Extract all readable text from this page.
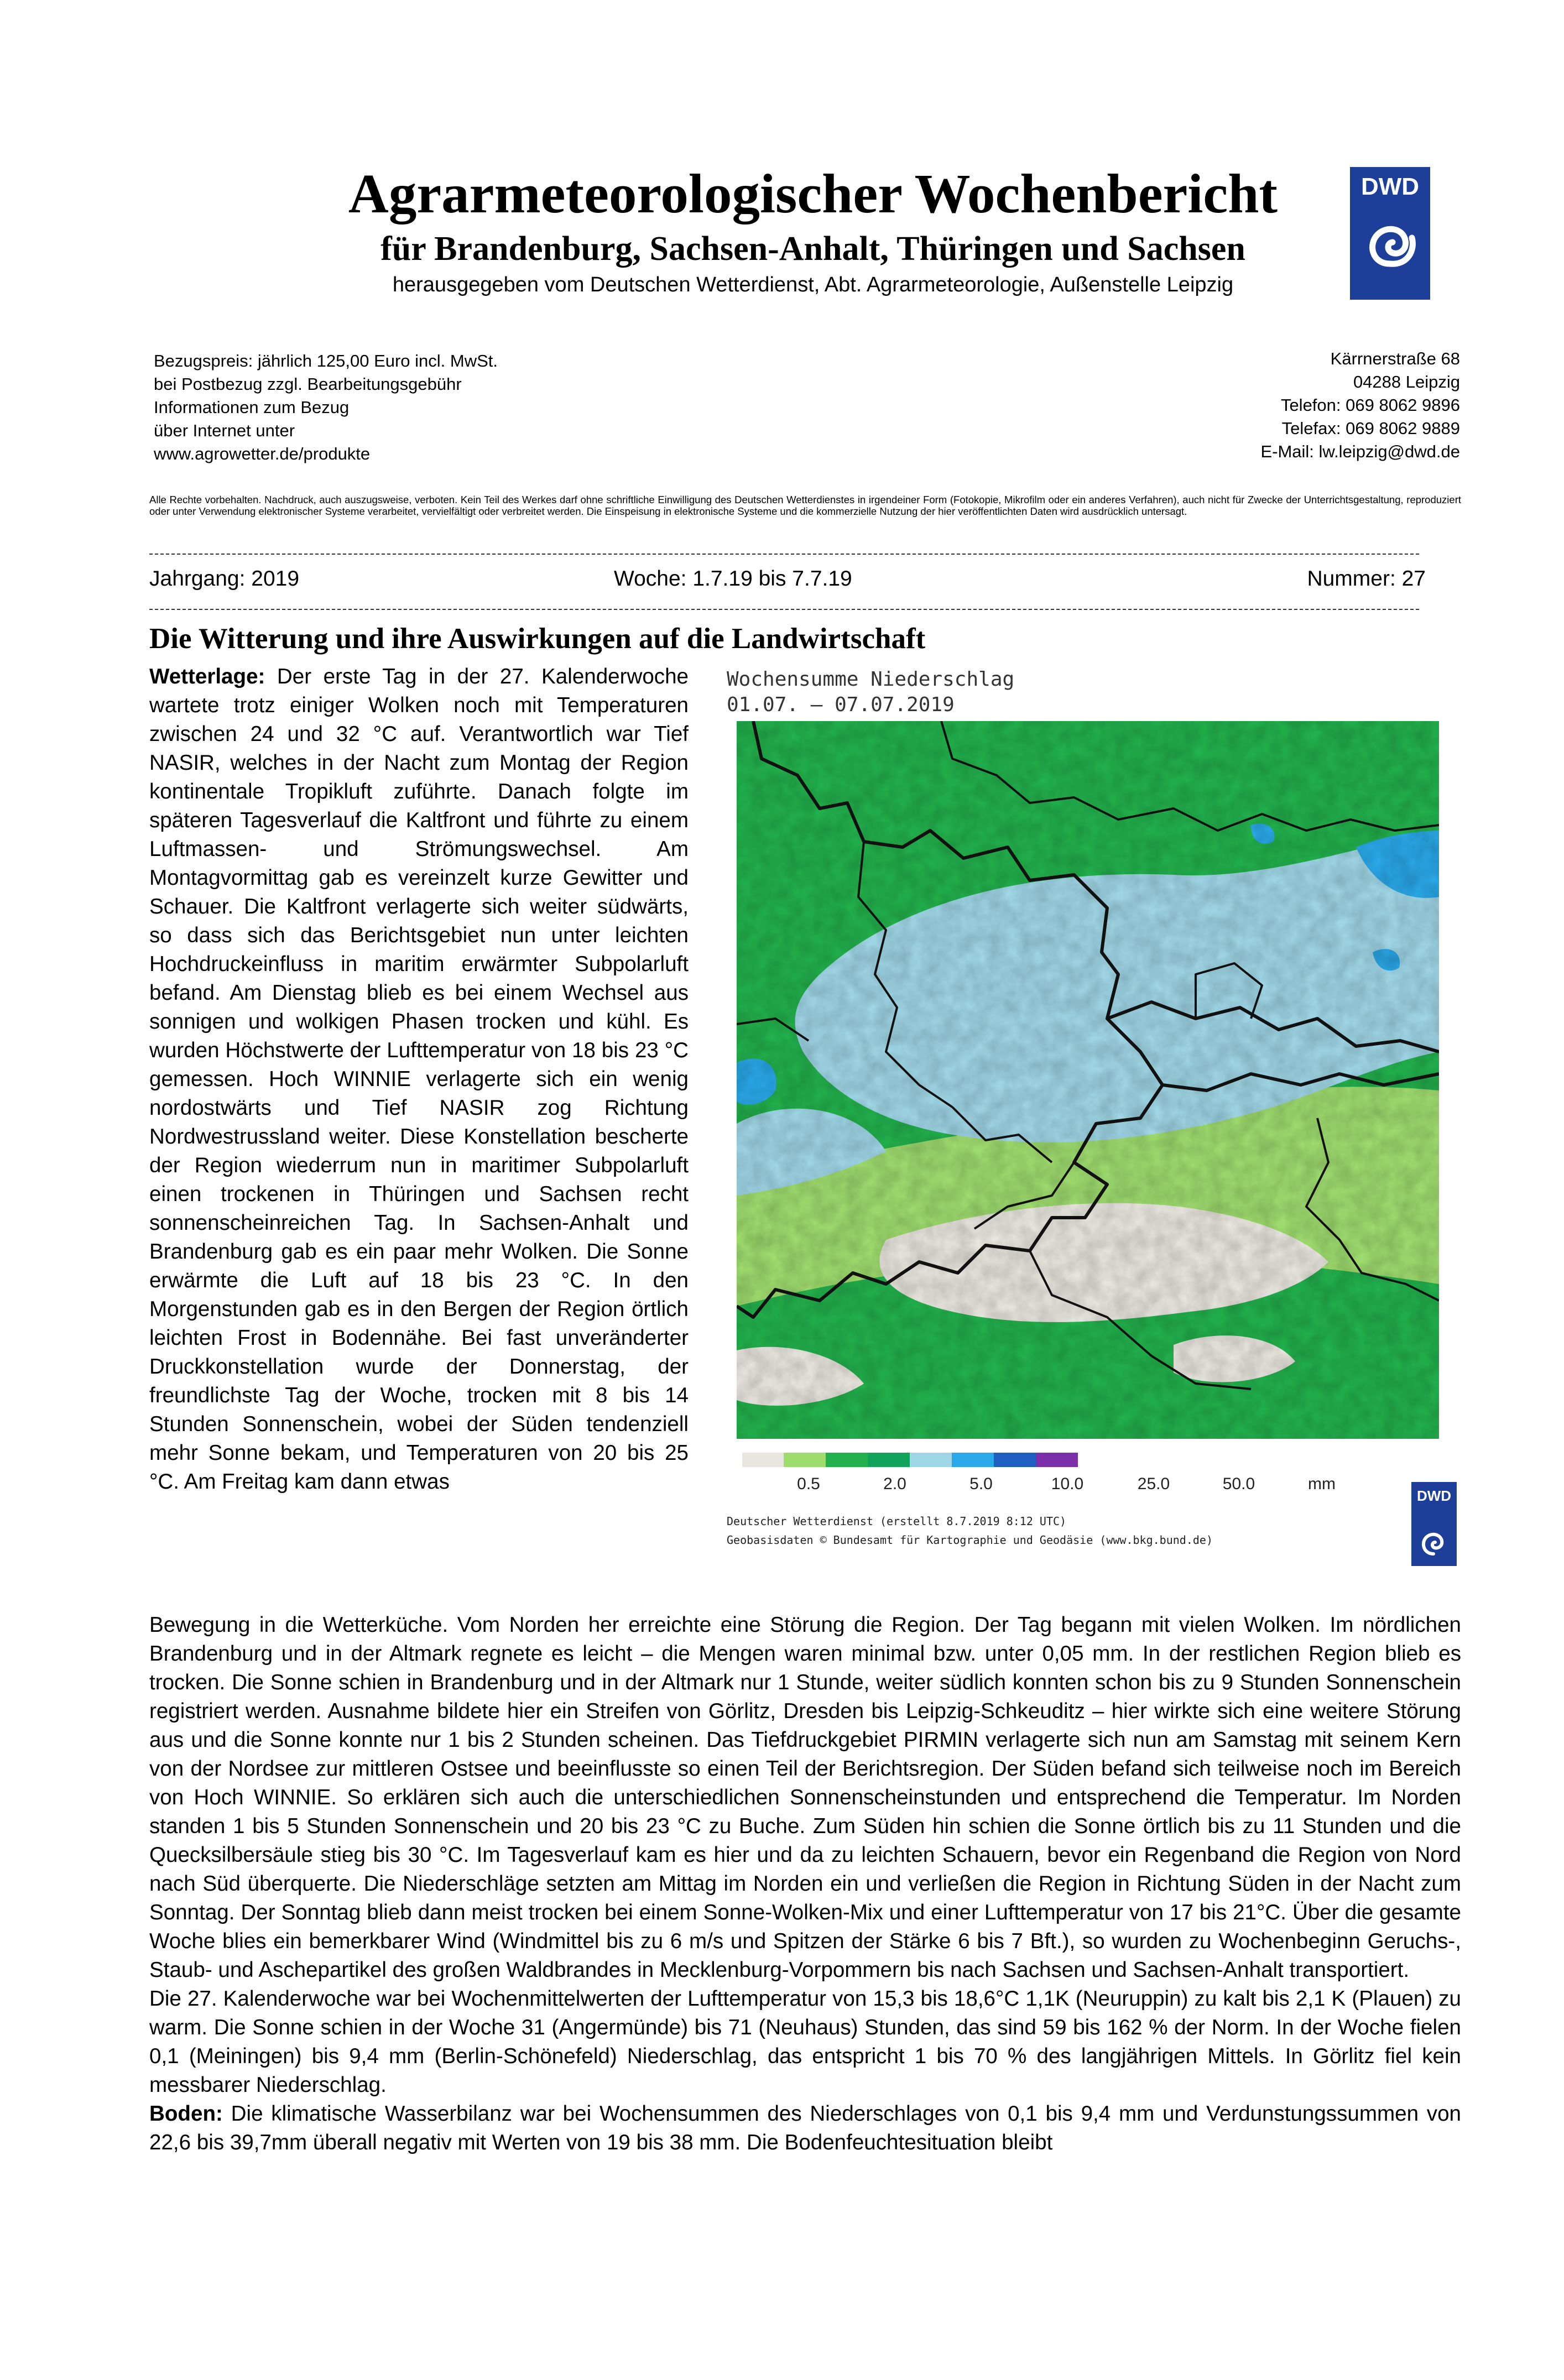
Agrarmeteorologischer Wochenbericht
für Brandenburg, Sachsen-Anhalt, Thüringen und Sachsen
herausgegeben vom Deutschen Wetterdienst, Abt. Agrarmeteorologie, Außenstelle Leipzig
DWD
Bezugspreis: jährlich 125,00 Euro incl. MwSt.
bei Postbezug zzgl. Bearbeitungsgebühr
Informationen zum Bezug
über Internet unter
www.agrowetter.de/produkte
Kärrnerstraße 68
04288 Leipzig
Telefon: 069 8062 9896
Telefax: 069 8062 9889
E-Mail: lw.leipzig@dwd.de
Alle Rechte vorbehalten. Nachdruck, auch auszugsweise, verboten. Kein Teil des Werkes darf ohne schriftliche Einwilligung des Deutschen Wetterdienstes in irgendeiner Form (Fotokopie, Mikrofilm oder ein anderes Verfahren), auch nicht für Zwecke der Unterrichtsgestaltung, reproduziert oder unter Verwendung elektronischer Systeme verarbeitet, vervielfältigt oder verbreitet werden. Die Einspeisung in elektronische Systeme und die kommerzielle Nutzung der hier veröffentlichten Daten wird ausdrücklich untersagt.
Jahrgang: 2019	Woche: 1.7.19 bis 7.7.19	Nummer: 27
Die Witterung und ihre Auswirkungen auf die Landwirtschaft
Wetterlage: Der erste Tag in der 27. Kalenderwoche wartete trotz einiger Wolken noch mit Temperaturen zwischen 24 und 32 °C auf. Verantwortlich war Tief NASIR, welches in der Nacht zum Montag der Region kontinentale Tropikluft zuführte. Danach folgte im späteren Tagesverlauf die Kaltfront und führte zu einem Luftmassen- und Strömungswechsel. Am Montagvormittag gab es vereinzelt kurze Gewitter und Schauer. Die Kaltfront verlagerte sich weiter südwärts, so dass sich das Berichtsgebiet nun unter leichten Hochdruckeinfluss in maritim erwärmter Subpolarluft befand. Am Dienstag blieb es bei einem Wechsel aus sonnigen und wolkigen Phasen trocken und kühl. Es wurden Höchstwerte der Lufttemperatur von 18 bis 23 °C gemessen. Hoch WINNIE verlagerte sich ein wenig nordostwärts und Tief NASIR zog Richtung Nordwestrussland weiter. Diese Konstellation bescherte der Region wiederrum nun in maritimer Subpolarluft einen trockenen in Thüringen und Sachsen recht sonnenscheinreichen Tag. In Sachsen-Anhalt und Brandenburg gab es ein paar mehr Wolken. Die Sonne erwärmte die Luft auf 18 bis 23 °C. In den Morgenstunden gab es in den Bergen der Region örtlich leichten Frost in Bodennähe. Bei fast unveränderter Druckkonstellation wurde der Donnerstag, der freundlichste Tag der Woche, trocken mit 8 bis 14 Stunden Sonnenschein, wobei der Süden tendenziell mehr Sonne bekam, und Temperaturen von 20 bis 25 °C. Am Freitag kam dann etwas
Wochensumme Niederschlag
01.07. – 07.07.2019
0.5	2.0	5.0	10.0	25.0	50.0	mm
Deutscher Wetterdienst (erstellt 8.7.2019 8:12 UTC)
Geobasisdaten © Bundesamt für Kartographie und Geodäsie (www.bkg.bund.de)
DWD
Bewegung in die Wetterküche. Vom Norden her erreichte eine Störung die Region. Der Tag begann mit vielen Wolken. Im nördlichen Brandenburg und in der Altmark regnete es leicht – die Mengen waren minimal bzw. unter 0,05 mm. In der restlichen Region blieb es trocken. Die Sonne schien in Brandenburg und in der Altmark nur 1 Stunde, weiter südlich konnten schon bis zu 9 Stunden Sonnenschein registriert werden. Ausnahme bildete hier ein Streifen von Görlitz, Dresden bis Leipzig-Schkeuditz – hier wirkte sich eine weitere Störung aus und die Sonne konnte nur 1 bis 2 Stunden scheinen. Das Tiefdruckgebiet PIRMIN verlagerte sich nun am Samstag mit seinem Kern von der Nordsee zur mittleren Ostsee und beeinflusste so einen Teil der Berichtsregion. Der Süden befand sich teilweise noch im Bereich von Hoch WINNIE. So erklären sich auch die unterschiedlichen Sonnenscheinstunden und entsprechend die Temperatur. Im Norden standen 1 bis 5 Stunden Sonnenschein und 20 bis 23 °C zu Buche. Zum Süden hin schien die Sonne örtlich bis zu 11 Stunden und die Quecksilbersäule stieg bis 30 °C. Im Tagesverlauf kam es hier und da zu leichten Schauern, bevor ein Regenband die Region von Nord nach Süd überquerte. Die Niederschläge setzten am Mittag im Norden ein und verließen die Region in Richtung Süden in der Nacht zum Sonntag. Der Sonntag blieb dann meist trocken bei einem Sonne-Wolken-Mix und einer Lufttemperatur von 17 bis 21°C. Über die gesamte Woche blies ein bemerkbarer Wind (Windmittel bis zu 6 m/s und Spitzen der Stärke 6 bis 7 Bft.), so wurden zu Wochenbeginn Geruchs-, Staub- und Aschepartikel des großen Waldbrandes in Mecklenburg-Vorpommern bis nach Sachsen und Sachsen-Anhalt transportiert.
Die 27. Kalenderwoche war bei Wochenmittelwerten der Lufttemperatur von 15,3 bis 18,6°C 1,1K (Neuruppin) zu kalt bis 2,1 K (Plauen) zu warm. Die Sonne schien in der Woche 31 (Angermünde) bis 71 (Neuhaus) Stunden, das sind 59 bis 162 % der Norm. In der Woche fielen 0,1 (Meiningen) bis 9,4 mm (Berlin-Schönefeld) Niederschlag, das entspricht 1 bis 70 % des langjährigen Mittels. In Görlitz fiel kein messbarer Niederschlag.
Boden: Die klimatische Wasserbilanz war bei Wochensummen des Niederschlages von 0,1 bis 9,4 mm und Verdunstungssummen von 22,6 bis 39,7mm überall negativ mit Werten von 19 bis 38 mm. Die Bodenfeuchtesituation bleibt
